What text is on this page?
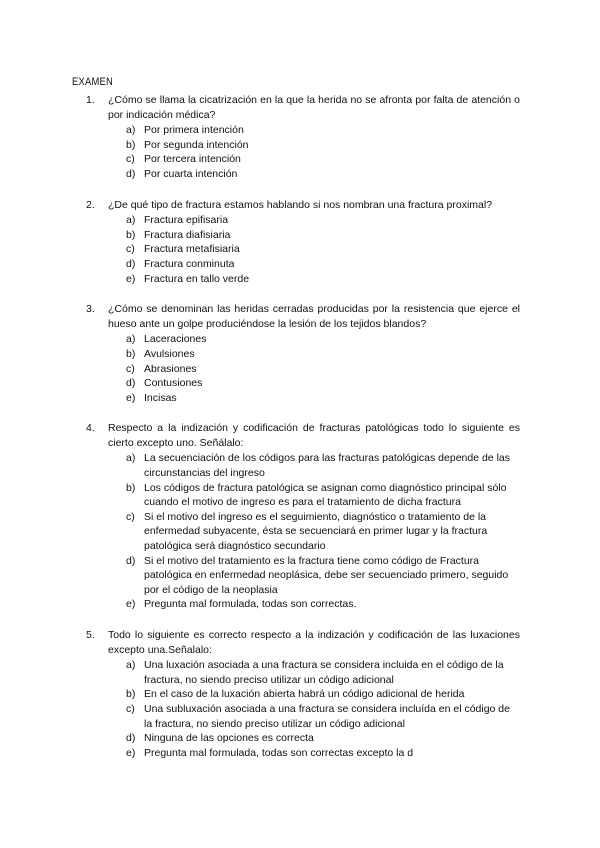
EXAMEN
1. ¿Cómo se llama la cicatrización en la que la herida no se afronta por falta de atención o por indicación médica?
a) Por primera intención
b) Por segunda intención
c) Por tercera intención
d) Por cuarta intención
2. ¿De qué tipo de fractura estamos hablando si nos nombran una fractura proximal?
a) Fractura epifisaria
b) Fractura diafisiaria
c) Fractura metafisiaria
d) Fractura conminuta
e) Fractura en tallo verde
3. ¿Cómo se denominan las heridas cerradas producidas por la resistencia que ejerce el hueso ante un golpe produciéndose la lesión de los tejidos blandos?
a) Laceraciones
b) Avulsiones
c) Abrasiones
d) Contusiones
e) Incisas
4. Respecto a la indización y codificación de fracturas patológicas todo lo siguiente es cierto excepto uno. Señálalo:
a) La secuenciación de los códigos para las fracturas patológicas depende de las circunstancias del ingreso
b) Los códigos de fractura patológica se asignan como diagnóstico principal sólo cuando el motivo de ingreso es para el tratamiento de dicha fractura
c) Si el motivo del ingreso es el seguimiento, diagnóstico o tratamiento de la enfermedad subyacente, ésta se secuenciará en primer lugar y la fractura patológica será diagnóstico secundario
d) Si el motivo del tratamiento es la fractura tiene como código de Fractura patológica en enfermedad neoplásica, debe ser secuenciado primero, seguido por el código de la neoplasia
e) Pregunta mal formulada, todas son correctas.
5. Todo lo siguiente es correcto respecto a la indización y codificación de las luxaciones excepto una.Señalalo:
a) Una luxación asociada a una fractura se considera incluida en el código de la fractura, no siendo preciso utilizar un código adicional
b) En el caso de la luxación abierta habrá un código adicional de herida
c) Una subluxación asociada a una fractura se considera incluída en el código de la fractura, no siendo preciso utilizar un código adicional
d) Ninguna de las opciones es correcta
e) Pregunta mal formulada, todas son correctas excepto la d
